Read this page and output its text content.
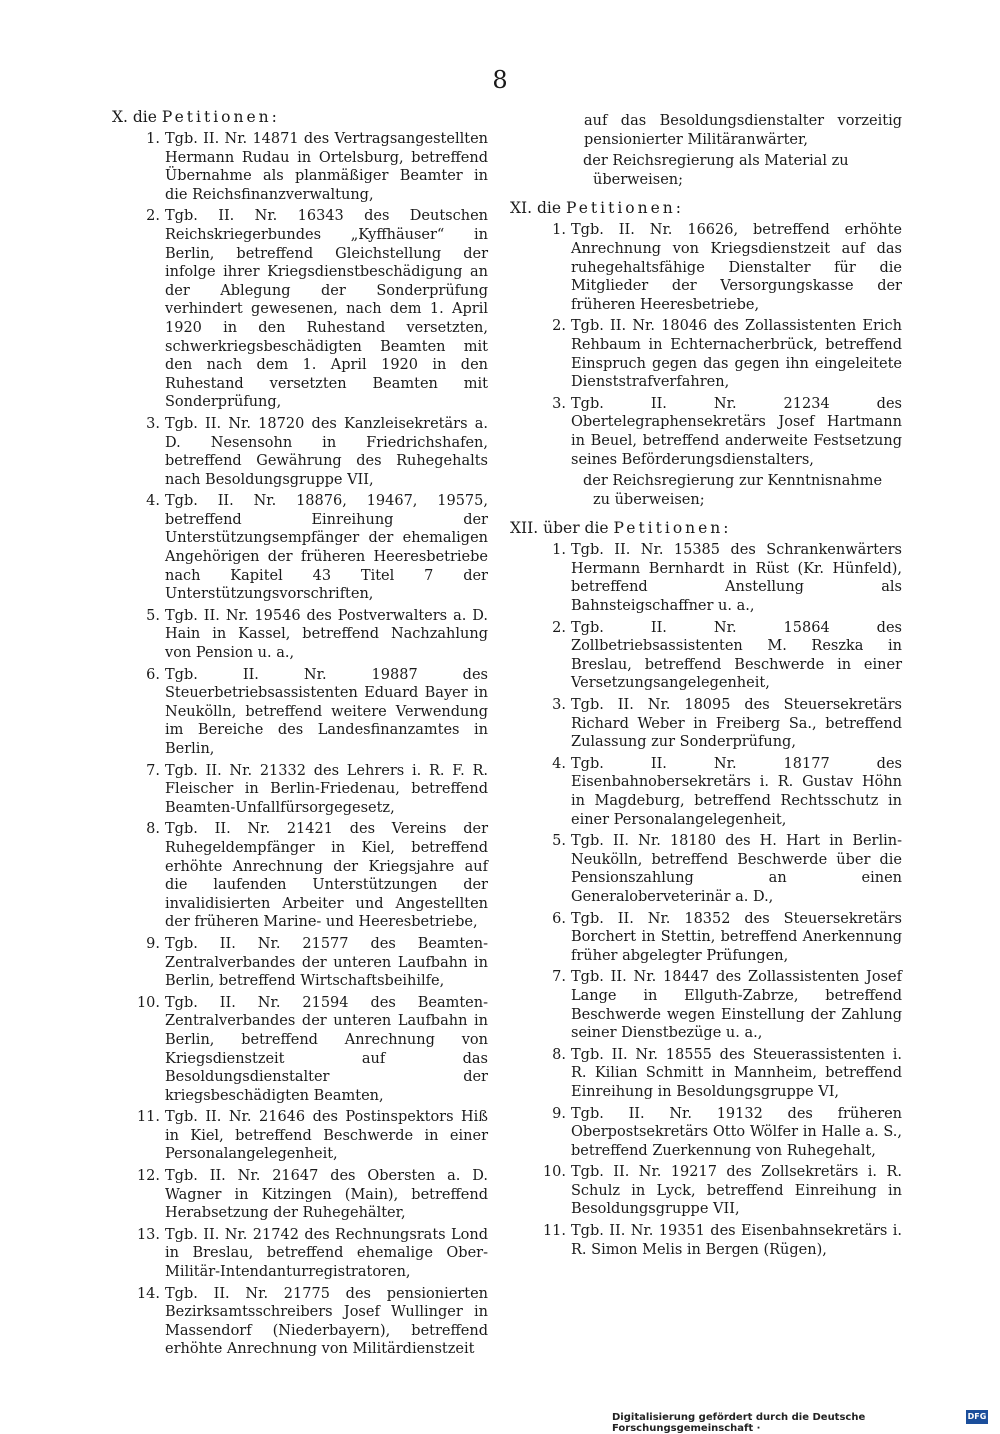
8
X. die Petitionen:
1. Tgb. II. Nr. 14871 des Vertragsangestellten Hermann Rudau in Ortelsburg, betreffend Übernahme als planmäßiger Beamter in die Reichsfinanzverwaltung,
2. Tgb. II. Nr. 16343 des Deutschen Reichskriegerbundes „Kyffhäuser“ in Berlin, betreffend Gleichstellung der infolge ihrer Kriegsdienstbeschädigung an der Ablegung der Sonderprüfung verhindert gewesenen, nach dem 1. April 1920 in den Ruhestand versetzten, schwerkriegsbeschädigten Beamten mit den nach dem 1. April 1920 in den Ruhestand versetzten Beamten mit Sonderprüfung,
3. Tgb. II. Nr. 18720 des Kanzleisekretärs a. D. Nesensohn in Friedrichshafen, betreffend Gewährung des Ruhegehalts nach Besoldungsgruppe VII,
4. Tgb. II. Nr. 18876, 19467, 19575, betreffend Einreihung der Unterstützungsempfänger der ehemaligen Angehörigen der früheren Heeresbetriebe nach Kapitel 43 Titel 7 der Unterstützungsvorschriften,
5. Tgb. II. Nr. 19546 des Postverwalters a. D. Hain in Kassel, betreffend Nachzahlung von Pension u. a.,
6. Tgb. II. Nr. 19887 des Steuerbetriebsassistenten Eduard Bayer in Neukölln, betreffend weitere Verwendung im Bereiche des Landesfinanzamtes in Berlin,
7. Tgb. II. Nr. 21332 des Lehrers i. R. F. R. Fleischer in Berlin-Friedenau, betreffend Beamten-Unfallfürsorgegesetz,
8. Tgb. II. Nr. 21421 des Vereins der Ruhegeldempfänger in Kiel, betreffend erhöhte Anrechnung der Kriegsjahre auf die laufenden Unterstützungen der invalidisierten Arbeiter und Angestellten der früheren Marine- und Heeresbetriebe,
9. Tgb. II. Nr. 21577 des Beamten-Zentralverbandes der unteren Laufbahn in Berlin, betreffend Wirtschaftsbeihilfe,
10. Tgb. II. Nr. 21594 des Beamten-Zentralverbandes der unteren Laufbahn in Berlin, betreffend Anrechnung von Kriegsdienstzeit auf das Besoldungsdienstalter der kriegsbeschädigten Beamten,
11. Tgb. II. Nr. 21646 des Postinspektors Hiß in Kiel, betreffend Beschwerde in einer Personalangelegenheit,
12. Tgb. II. Nr. 21647 des Obersten a. D. Wagner in Kitzingen (Main), betreffend Herabsetzung der Ruhegehälter,
13. Tgb. II. Nr. 21742 des Rechnungsrats Lond in Breslau, betreffend ehemalige Ober-Militär-Intendanturregistratoren,
14. Tgb. II. Nr. 21775 des pensionierten Bezirksamtsschreibers Josef Wullinger in Massendorf (Niederbayern), betreffend erhöhte Anrechnung von Militärdienstzeit
auf das Besoldungsdienstalter vorzeitig pensionierter Militäranwärter,
der Reichsregierung als Material zu überweisen;
XI. die Petitionen:
1. Tgb. II. Nr. 16626, betreffend erhöhte Anrechnung von Kriegsdienstzeit auf das ruhegehaltsfähige Dienstalter für die Mitglieder der Versorgungskasse der früheren Heeresbetriebe,
2. Tgb. II. Nr. 18046 des Zollassistenten Erich Rehbaum in Echternacherbrück, betreffend Einspruch gegen das gegen ihn eingeleitete Dienststrafverfahren,
3. Tgb. II. Nr. 21234 des Obertelegraphensekretärs Josef Hartmann in Beuel, betreffend anderweite Festsetzung seines Beförderungsdienstalters,
der Reichsregierung zur Kenntnisnahme zu überweisen;
XII. über die Petitionen:
1. Tgb. II. Nr. 15385 des Schrankenwärters Hermann Bernhardt in Rüst (Kr. Hünfeld), betreffend Anstellung als Bahnsteigschaffner u. a.,
2. Tgb. II. Nr. 15864 des Zollbetriebsassistenten M. Reszka in Breslau, betreffend Beschwerde in einer Versetzungsangelegenheit,
3. Tgb. II. Nr. 18095 des Steuersekretärs Richard Weber in Freiberg Sa., betreffend Zulassung zur Sonderprüfung,
4. Tgb. II. Nr. 18177 des Eisenbahnobersekretärs i. R. Gustav Höhn in Magdeburg, betreffend Rechtsschutz in einer Personalangelegenheit,
5. Tgb. II. Nr. 18180 des H. Hart in Berlin-Neukölln, betreffend Beschwerde über die Pensionszahlung an einen Generaloberveterinär a. D.,
6. Tgb. II. Nr. 18352 des Steuersekretärs Borchert in Stettin, betreffend Anerkennung früher abgelegter Prüfungen,
7. Tgb. II. Nr. 18447 des Zollassistenten Josef Lange in Ellguth-Zabrze, betreffend Beschwerde wegen Einstellung der Zahlung seiner Dienstbezüge u. a.,
8. Tgb. II. Nr. 18555 des Steuerassistenten i. R. Kilian Schmitt in Mannheim, betreffend Einreihung in Besoldungsgruppe VI,
9. Tgb. II. Nr. 19132 des früheren Oberpostsekretärs Otto Wölfer in Halle a. S., betreffend Zuerkennung von Ruhegehalt,
10. Tgb. II. Nr. 19217 des Zollsekretärs i. R. Schulz in Lyck, betreffend Einreihung in Besoldungsgruppe VII,
11. Tgb. II. Nr. 19351 des Eisenbahnsekretärs i. R. Simon Melis in Bergen (Rügen),
Digitalisierung gefördert durch die Deutsche Forschungsgemeinschaft ·
DFG
